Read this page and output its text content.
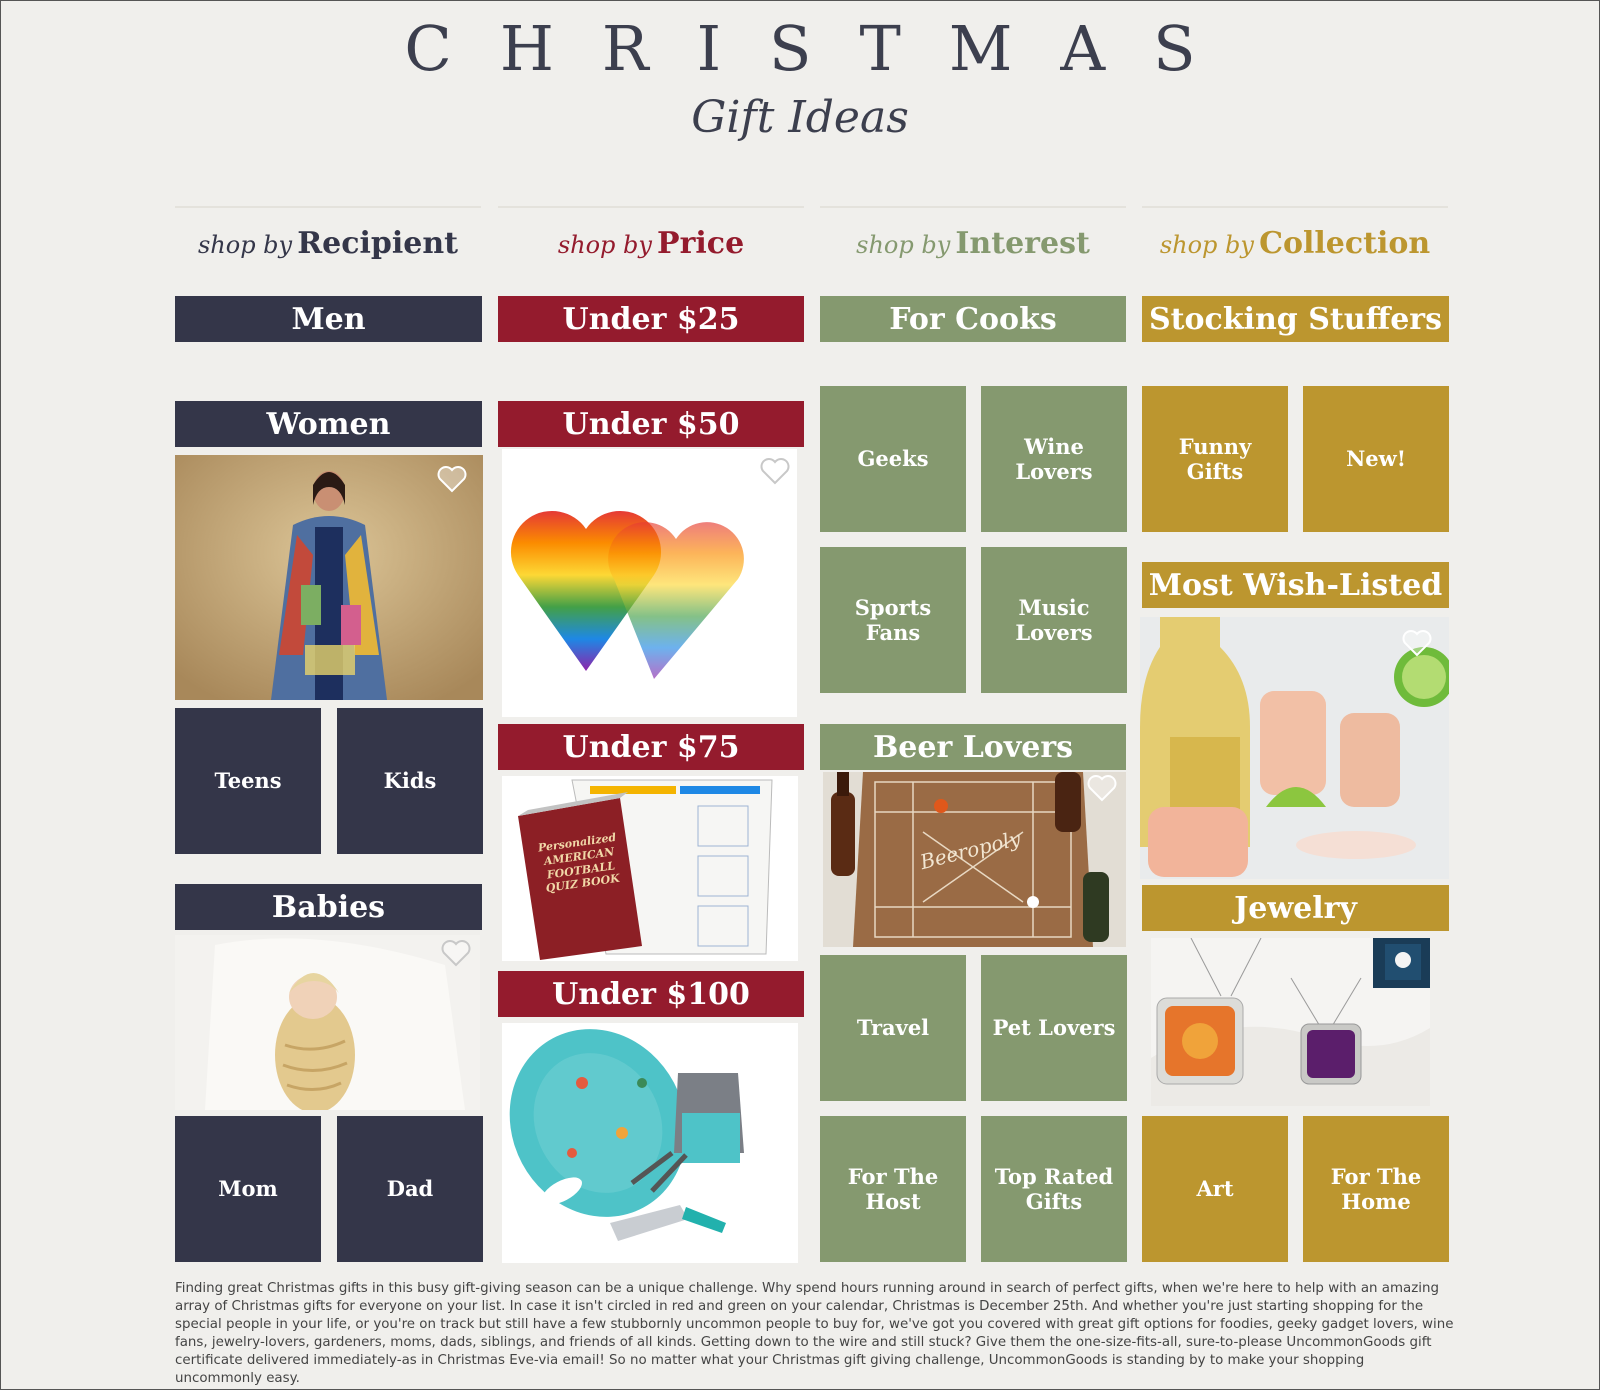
CHRISTMAS
Gift Ideas
shop by Recipient	shop by Price	shop by Interest	shop by Collection
Men
Women
Teens	Kids
Babies
Mom	Dad
Under $25
Under $50
Under $75
Personalized AMERICAN FOOTBALL QUIZ BOOK
Under $100
For Cooks
Geeks
Wine Lovers
Sports Fans
Music Lovers
Beer Lovers
Beeropoly
Travel	Pet Lovers
For The Host
Top Rated Gifts
Stocking Stuffers
Funny Gifts
New!
Most Wish-Listed
Jewelry
Art
For The Home
Finding great Christmas gifts in this busy gift-giving season can be a unique challenge. Why spend hours running around in search of perfect gifts, when we're here to help with an amazing array of Christmas gifts for everyone on your list. In case it isn't circled in red and green on your calendar, Christmas is December 25th. And whether you're just starting shopping for the special people in your life, or you're on track but still have a few stubbornly uncommon people to buy for, we've got you covered with great gift options for foodies, geeky gadget lovers, wine fans, jewelry-lovers, gardeners, moms, dads, siblings, and friends of all kinds. Getting down to the wire and still stuck? Give them the one-size-fits-all, sure-to-please UncommonGoods gift certificate delivered immediately-as in Christmas Eve-via email! So no matter what your Christmas gift giving challenge, UncommonGoods is standing by to make your shopping uncommonly easy.
